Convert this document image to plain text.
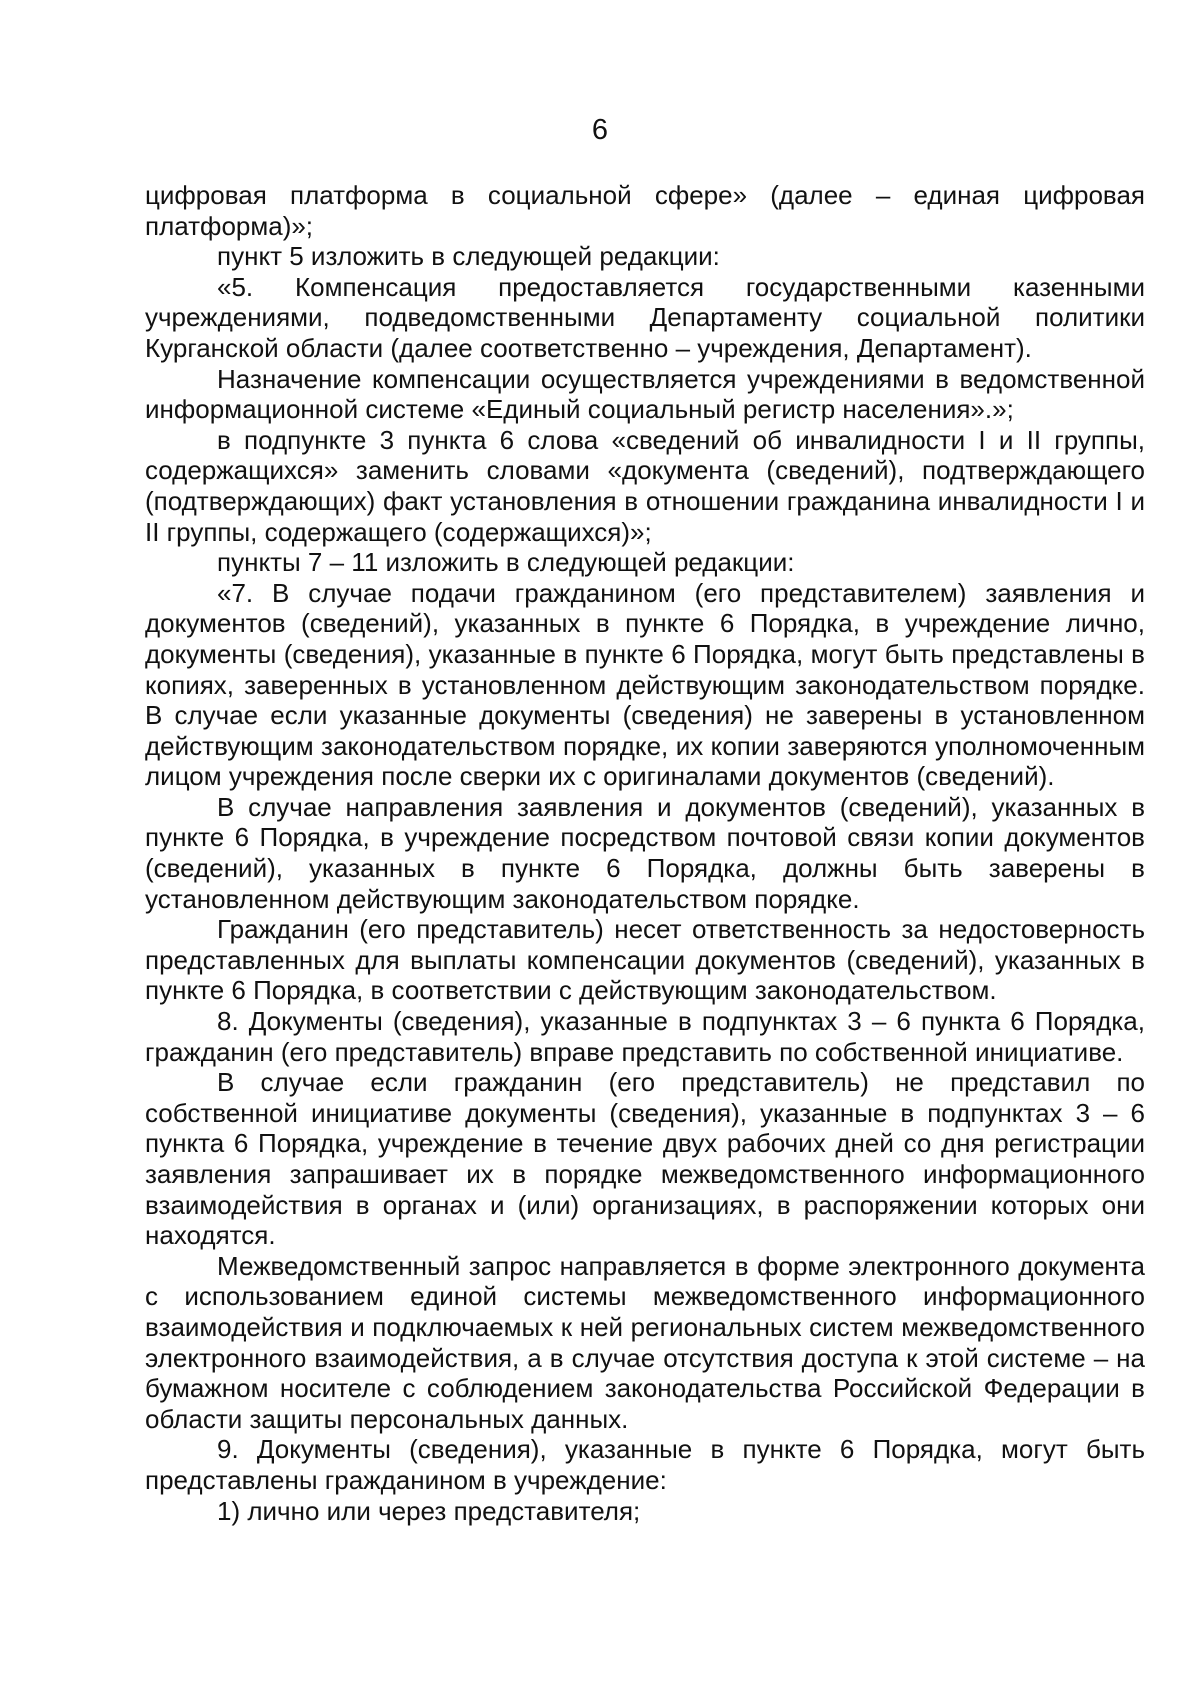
6

цифровая платформа в социальной сфере» (далее – единая цифровая платформа)»;

пункт 5 изложить в следующей редакции:

«5. Компенсация предоставляется государственными казенными учреждениями, подведомственными Департаменту социальной политики Курганской области (далее соответственно – учреждения, Департамент).

Назначение компенсации осуществляется учреждениями в ведомственной информационной системе «Единый социальный регистр населения».»;

в подпункте 3 пункта 6 слова «сведений об инвалидности I и II группы, содержащихся» заменить словами «документа (сведений), подтверждающего (подтверждающих) факт установления в отношении гражданина инвалидности I и II группы, содержащего (содержащихся)»;

пункты 7 – 11 изложить в следующей редакции:

«7. В случае подачи гражданином (его представителем) заявления и документов (сведений), указанных в пункте 6 Порядка, в учреждение лично, документы (сведения), указанные в пункте 6 Порядка, могут быть представлены в копиях, заверенных в установленном действующим законодательством порядке. В случае если указанные документы (сведения) не заверены в установленном действующим законодательством порядке, их копии заверяются уполномоченным лицом учреждения после сверки их с оригиналами документов (сведений).

В случае направления заявления и документов (сведений), указанных в пункте 6 Порядка, в учреждение посредством почтовой связи копии документов (сведений), указанных в пункте 6 Порядка, должны быть заверены в установленном действующим законодательством порядке.

Гражданин (его представитель) несет ответственность за недостоверность представленных для выплаты компенсации документов (сведений), указанных в пункте 6 Порядка, в соответствии с действующим законодательством.

8. Документы (сведения), указанные в подпунктах 3 – 6 пункта 6 Порядка, гражданин (его представитель) вправе представить по собственной инициативе.

В случае если гражданин (его представитель) не представил по собственной инициативе документы (сведения), указанные в подпунктах 3 – 6 пункта 6 Порядка, учреждение в течение двух рабочих дней со дня регистрации заявления запрашивает их в порядке межведомственного информационного взаимодействия в органах и (или) организациях, в распоряжении которых они находятся.

Межведомственный запрос направляется в форме электронного документа с использованием единой системы межведомственного информационного взаимодействия и подключаемых к ней региональных систем межведомственного электронного взаимодействия, а в случае отсутствия доступа к этой системе – на бумажном носителе с соблюдением законодательства Российской Федерации в области защиты персональных данных.

9. Документы (сведения), указанные в пункте 6 Порядка, могут быть представлены гражданином в учреждение:

1) лично или через представителя;
